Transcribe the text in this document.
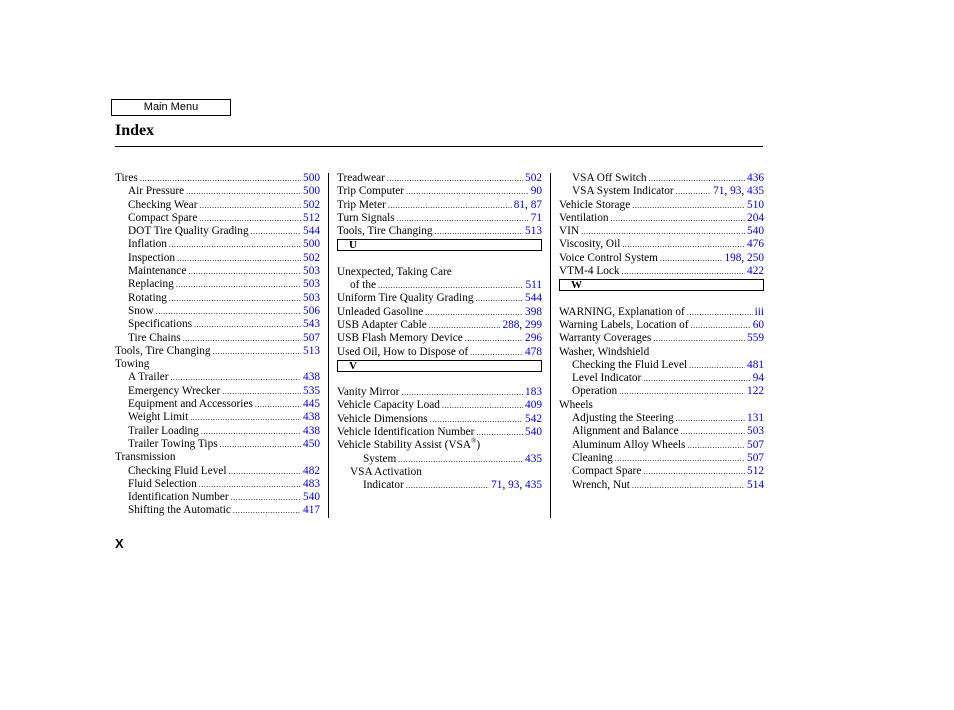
Main Menu
Index
Tires .....	500
Air Pressure .....	500
Checking Wear .....	502
Compact Spare .....	512
DOT Tire Quality Grading .....	544
Inflation .....	500
Inspection .....	502
Maintenance .....	503
Replacing .....	503
Rotating .....	503
Snow .....	506
Specifications .....	543
Tire Chains .....	507
Tools, Tire Changing .....	513
Towing
A Trailer .....	438
Emergency Wrecker .....	535
Equipment and Accessories .....	445
Weight Limit .....	438
Trailer Loading .....	438
Trailer Towing Tips .....	450
Transmission
Checking Fluid Level .....	482
Fluid Selection .....	483
Identification Number .....	540
Shifting the Automatic .....	417
Treadwear .....	502
Trip Computer .....	90
Trip Meter .....	81, 87
Turn Signals .....	71
Tools, Tire Changing .....	513
U
Unexpected, Taking Care
of the .....	511
Uniform Tire Quality Grading .....	544
Unleaded Gasoline .....	398
USB Adapter Cable .....	288, 299
USB Flash Memory Device .....	296
Used Oil, How to Dispose of .....	478
V
Vanity Mirror .....	183
Vehicle Capacity Load .....	409
Vehicle Dimensions .....	542
Vehicle Identification Number .....	540
Vehicle Stability Assist (VSA®)
System .....	435
VSA Activation
Indicator .....	71, 93, 435
VSA Off Switch .....	436
VSA System Indicator .....	71, 93, 435
Vehicle Storage .....	510
Ventilation .....	204
VIN .....	540
Viscosity, Oil .....	476
Voice Control System .....	198, 250
VTM-4 Lock .....	422
W
WARNING, Explanation of .....	iii
Warning Labels, Location of .....	60
Warranty Coverages .....	559
Washer, Windshield
Checking the Fluid Level .....	481
Level Indicator .....	94
Operation .....	122
Wheels
Adjusting the Steering .....	131
Alignment and Balance .....	503
Aluminum Alloy Wheels .....	507
Cleaning .....	507
Compact Spare .....	512
Wrench, Nut .....	514
X
